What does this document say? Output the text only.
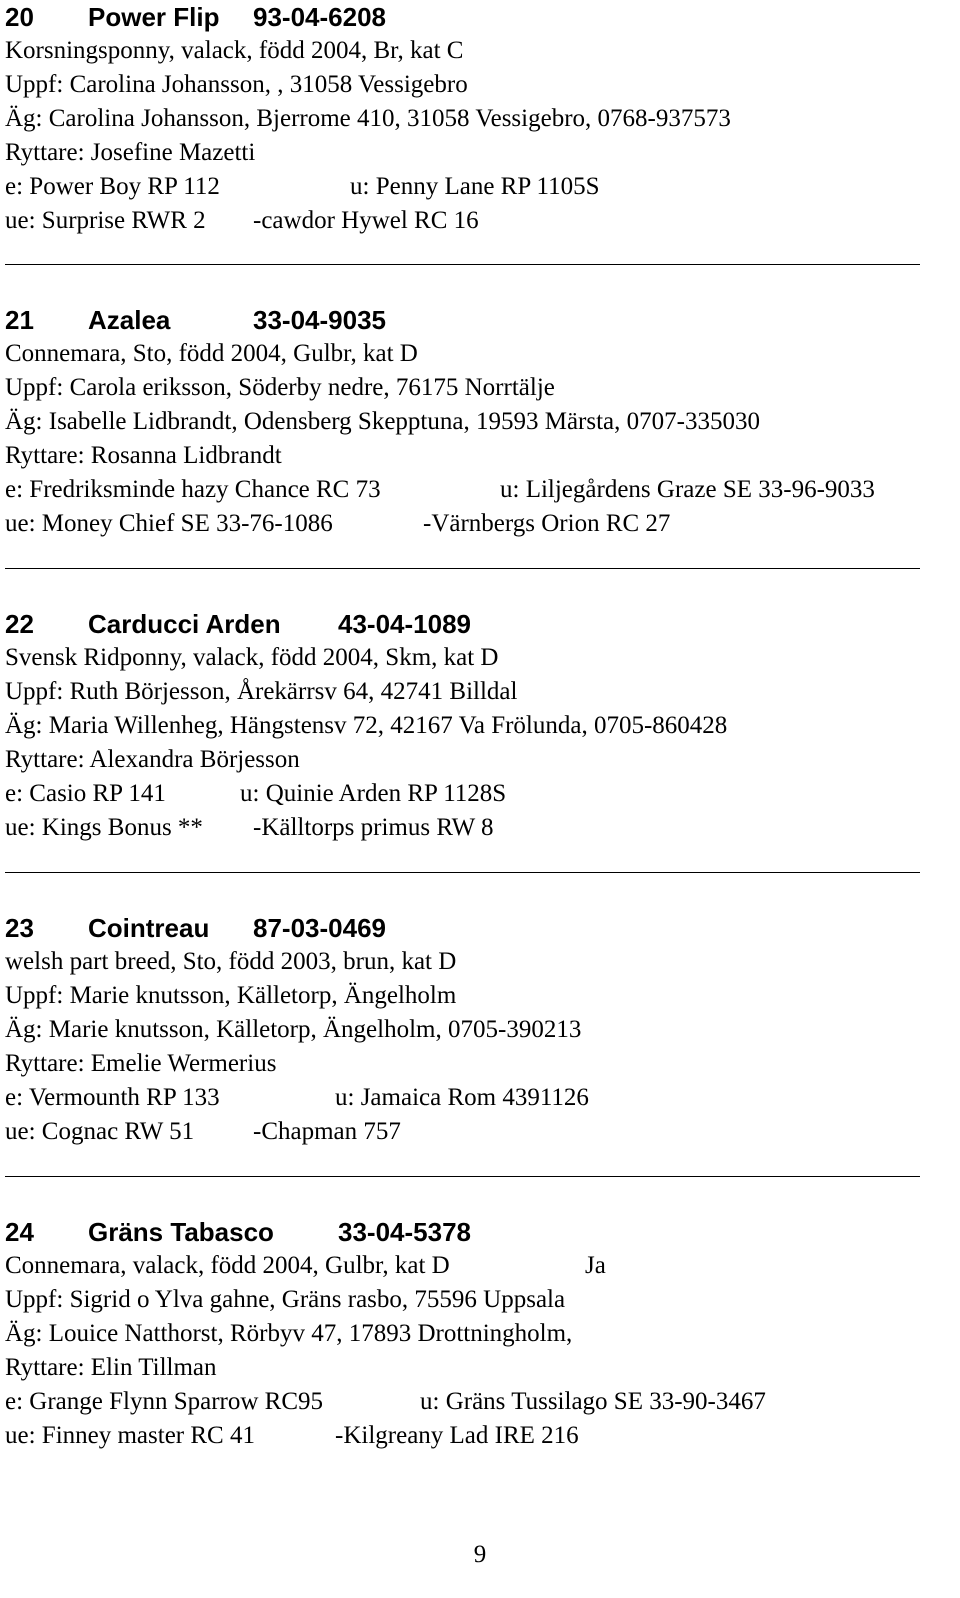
20 Power Flip 93-04-6208
Korsningsponny, valack, född 2004, Br, kat C
Uppf: Carolina Johansson, , 31058 Vessigebro
Äg: Carolina Johansson, Bjerrome 410, 31058 Vessigebro, 0768-937573
Ryttare: Josefine Mazetti
e: Power Boy RP 112	u: Penny Lane RP 1105S
ue: Surprise RWR 2 -cawdor Hywel RC 16
21 Azalea	33-04-9035
Connemara, Sto, född 2004, Gulbr, kat D
Uppf: Carola eriksson, Söderby nedre, 76175 Norrtälje
Äg: Isabelle Lidbrandt, Odensberg Skepptuna, 19593 Märsta, 0707-335030
Ryttare: Rosanna Lidbrandt
e: Fredriksminde hazy Chance RC 73	u: Liljegårdens Graze SE 33-96-9033
ue: Money Chief SE 33-76-1086	-Värnbergs Orion RC 27
22 Carducci Arden 43-04-1089
Svensk Ridponny, valack, född 2004, Skm, kat D
Uppf: Ruth Börjesson, Årekärrsv 64, 42741 Billdal
Äg: Maria Willenheg, Hängstensv 72, 42167 Va Frölunda, 0705-860428
Ryttare: Alexandra Börjesson
e: Casio RP 141	u: Quinie Arden RP 1128S
ue: Kings Bonus ** -Källtorps primus RW 8
23 Cointreau 87-03-0469
welsh part breed, Sto, född 2003, brun, kat D
Uppf: Marie knutsson, Källetorp, Ängelholm
Äg: Marie knutsson, Källetorp, Ängelholm, 0705-390213
Ryttare: Emelie Wermerius
e: Vermounth RP 133	u: Jamaica Rom 4391126
ue: Cognac RW 51 -Chapman 757
24 Gräns Tabasco 33-04-5378
Connemara, valack, född 2004, Gulbr, kat D	Ja
Uppf: Sigrid o Ylva gahne, Gräns rasbo, 75596 Uppsala
Äg: Louice Natthorst, Rörbyv 47, 17893 Drottningholm,
Ryttare: Elin Tillman
e: Grange Flynn Sparrow RC95	u: Gräns Tussilago SE 33-90-3467
ue: Finney master RC 41	-Kilgreany Lad IRE 216
9
